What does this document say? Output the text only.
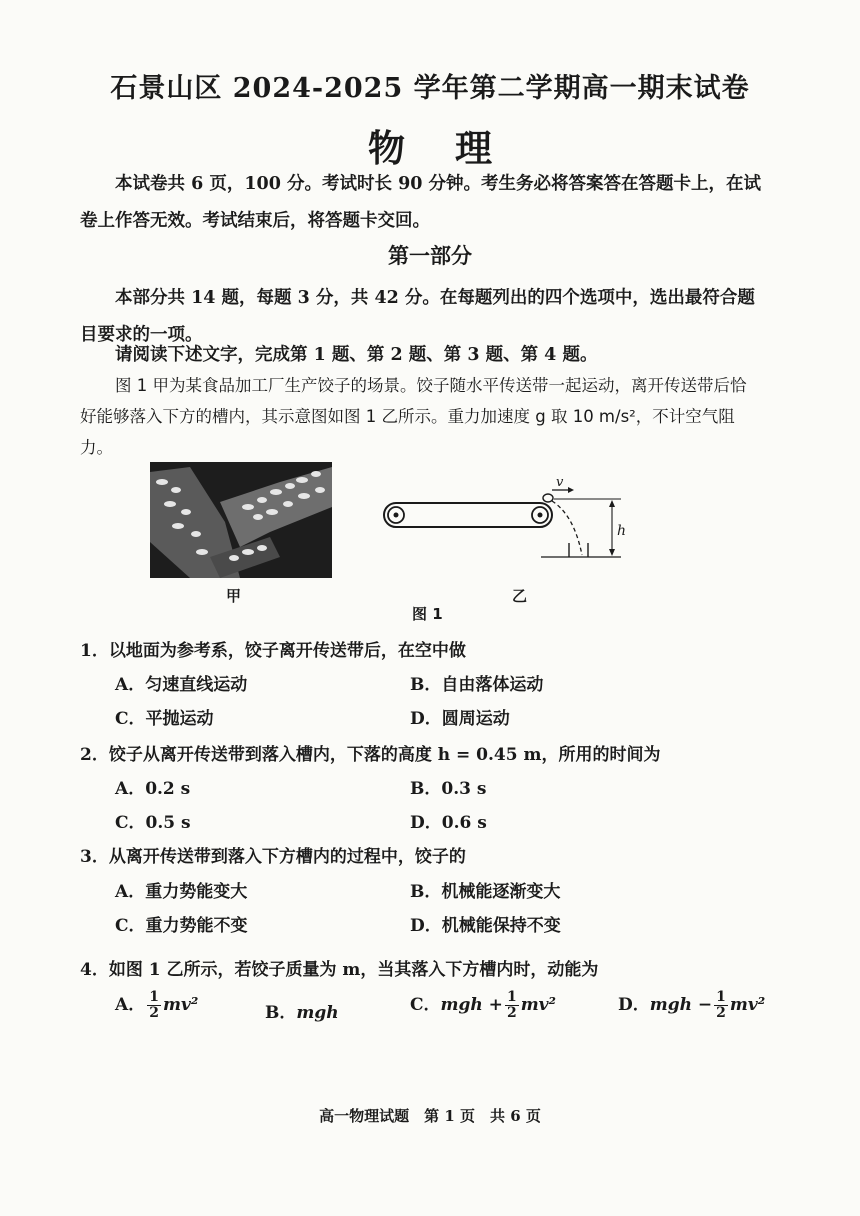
石景山区 2024-2025 学年第二学期高一期末试卷
物理
本试卷共 6 页，100 分。考试时长 90 分钟。考生务必将答案答在答题卡上，在试卷上作答无效。考试结束后，将答题卡交回。
第一部分
本部分共 14 题，每题 3 分，共 42 分。在每题列出的四个选项中，选出最符合题目要求的一项。
请阅读下述文字，完成第 1 题、第 2 题、第 3 题、第 4 题。
图 1 甲为某食品加工厂生产饺子的场景。饺子随水平传送带一起运动，离开传送带后恰好能够落入下方的槽内，其示意图如图 1 乙所示。重力加速度 g 取 10 m/s²，不计空气阻力。
h
v
甲	乙
图 1
1．以地面为参考系，饺子离开传送带后，在空中做
A．匀速直线运动	B．自由落体运动
C．平抛运动	D．圆周运动
2．饺子从离开传送带到落入槽内，下落的高度 h = 0.45 m，所用的时间为
A．0.2 s	B．0.3 s
C．0.5 s	D．0.6 s
3．从离开传送带到落入下方槽内的过程中，饺子的
A．重力势能变大	B．机械能逐渐变大
C．重力势能不变	D．机械能保持不变
4．如图 1 乙所示，若饺子质量为 m，当其落入下方槽内时，动能为
A． $\frac{1}{2} mv^2$	B．mgh	C．mgh + $\frac{1}{2} mv^2$	D．mgh − $\frac{1}{2} mv^2$
高一物理试题　第 1 页　共 6 页
